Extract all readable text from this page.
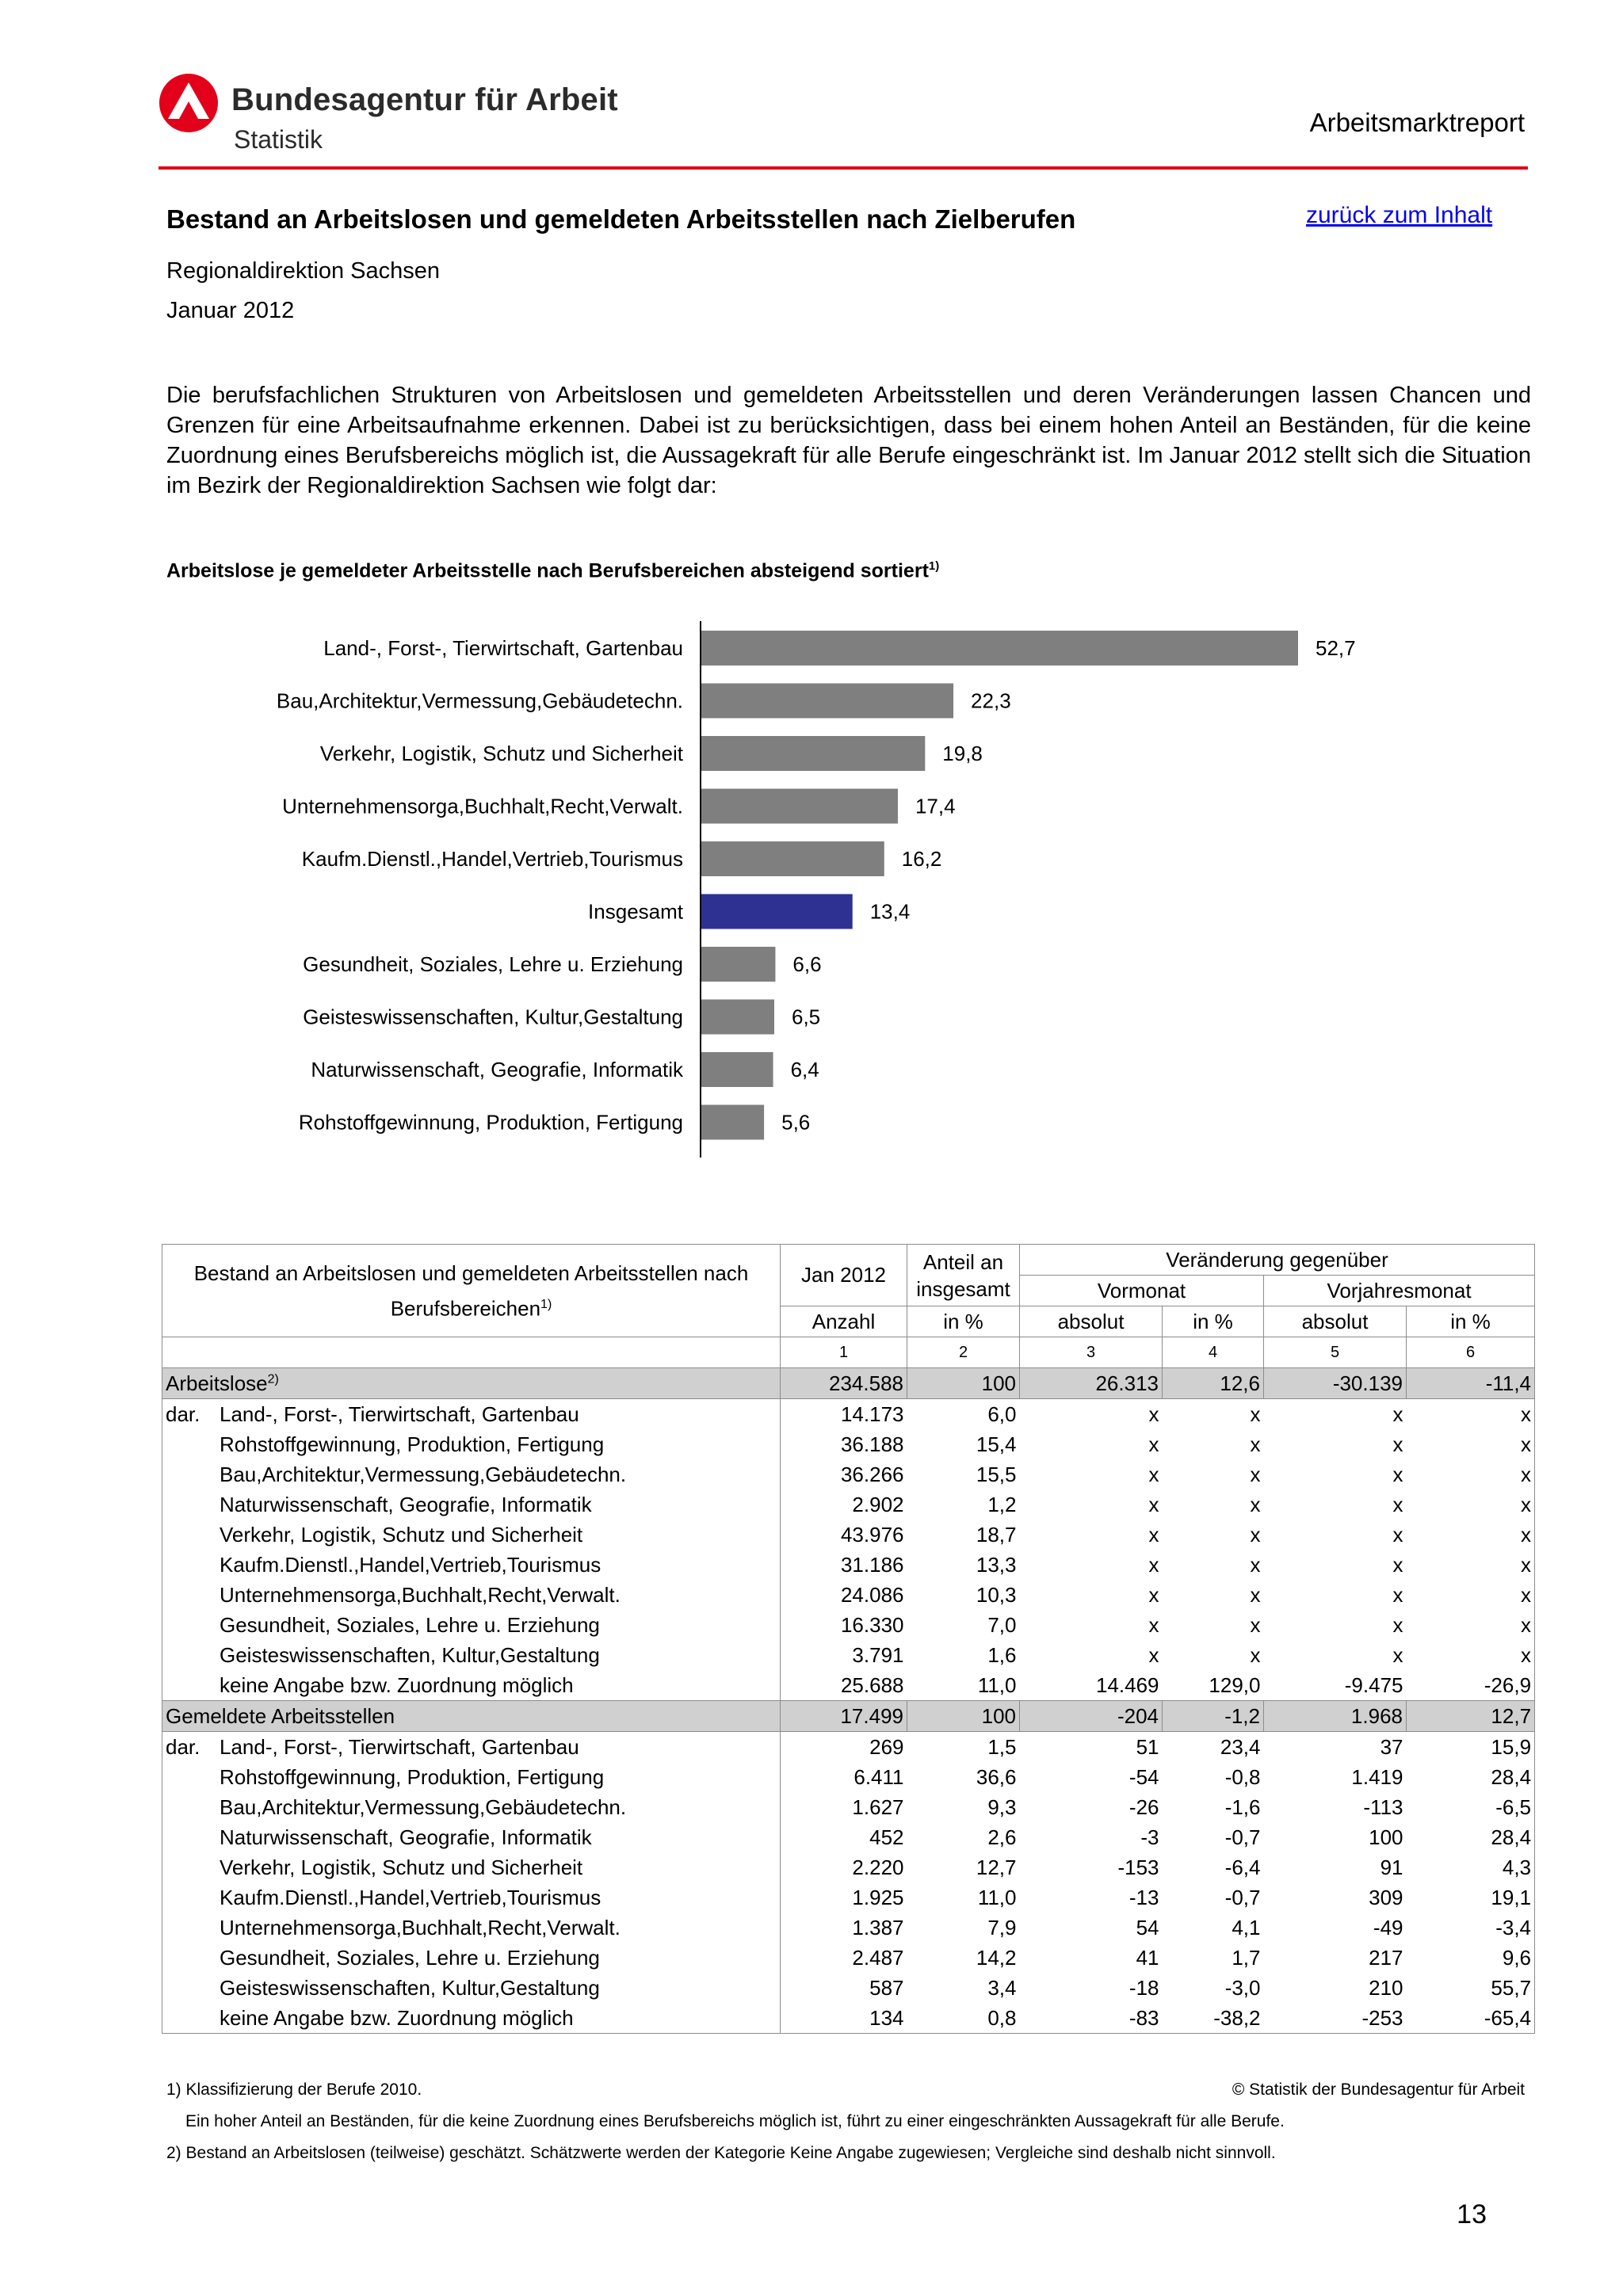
Bundesagentur für Arbeit
Statistik
Arbeitsmarktreport
Bestand an Arbeitslosen und gemeldeten Arbeitsstellen nach Zielberufen	zurück zum Inhalt
Regionaldirektion Sachsen
Januar 2012
Die berufsfachlichen Strukturen von Arbeitslosen und gemeldeten Arbeitsstellen und deren Veränderungen lassen Chancen und Grenzen für eine Arbeitsaufnahme erkennen. Dabei ist zu berücksichtigen, dass bei einem hohen Anteil an Beständen, für die keine Zuordnung eines Berufsbereichs möglich ist, die Aussagekraft für alle Berufe eingeschränkt ist. Im Januar 2012 stellt sich die Situation im Bezirk der Regionaldirektion Sachsen wie folgt dar:
Arbeitslose je gemeldeter Arbeitsstelle nach Berufsbereichen absteigend sortiert$^{1)}$
Land-, Forst-, Tierwirtschaft, Gartenbau	52,7
Bau,Architektur,Vermessung,Gebäudetechn.	22,3
Verkehr, Logistik, Schutz und Sicherheit	19,8
Unternehmensorga,Buchhalt,Recht,Verwalt.	17,4
Kaufm.Dienstl.,Handel,Vertrieb,Tourismus	16,2
Insgesamt	13,4
Gesundheit, Soziales, Lehre u. Erziehung	6,6
Geisteswissenschaften, Kultur,Gestaltung	6,5
Naturwissenschaft, Geografie, Informatik	6,4
Rohstoffgewinnung, Produktion, Fertigung	5,6
Bestand an Arbeitslosen und gemeldeten Arbeitsstellen nach Berufsbereichen$^{1)}$	Jan 2012	Anteil an insgesamt	Veränderung gegenüber			
			Vormonat		Vorjahresmonat	
	Anzahl	in %	absolut	in %	absolut	in %
	1	2	3	4	5	6
Arbeitslose$^{2)}$	234.588	100	26.313	12,6	-30.139	-11,4
dar. Land-, Forst-, Tierwirtschaft, Gartenbau	14.173	6,0	x	x	x	x
Rohstoffgewinnung, Produktion, Fertigung	36.188	15,4	x	x	x	x
Bau,Architektur,Vermessung,Gebäudetechn.	36.266	15,5	x	x	x	x
Naturwissenschaft, Geografie, Informatik	2.902	1,2	x	x	x	x
Verkehr, Logistik, Schutz und Sicherheit	43.976	18,7	x	x	x	x
Kaufm.Dienstl.,Handel,Vertrieb,Tourismus	31.186	13,3	x	x	x	x
Unternehmensorga,Buchhalt,Recht,Verwalt.	24.086	10,3	x	x	x	x
Gesundheit, Soziales, Lehre u. Erziehung	16.330	7,0	x	x	x	x
Geisteswissenschaften, Kultur,Gestaltung	3.791	1,6	x	x	x	x
keine Angabe bzw. Zuordnung möglich	25.688	11,0	14.469	129,0	-9.475	-26,9
Gemeldete Arbeitsstellen	17.499	100	-204	-1,2	1.968	12,7
dar. Land-, Forst-, Tierwirtschaft, Gartenbau	269	1,5	51	23,4	37	15,9
Rohstoffgewinnung, Produktion, Fertigung	6.411	36,6	-54	-0,8	1.419	28,4
Bau,Architektur,Vermessung,Gebäudetechn.	1.627	9,3	-26	-1,6	-113	-6,5
Naturwissenschaft, Geografie, Informatik	452	2,6	-3	-0,7	100	28,4
Verkehr, Logistik, Schutz und Sicherheit	2.220	12,7	-153	-6,4	91	4,3
Kaufm.Dienstl.,Handel,Vertrieb,Tourismus	1.925	11,0	-13	-0,7	309	19,1
Unternehmensorga,Buchhalt,Recht,Verwalt.	1.387	7,9	54	4,1	-49	-3,4
Gesundheit, Soziales, Lehre u. Erziehung	2.487	14,2	41	1,7	217	9,6
Geisteswissenschaften, Kultur,Gestaltung	587	3,4	-18	-3,0	210	55,7
keine Angabe bzw. Zuordnung möglich	134	0,8	-83	-38,2	-253	-65,4
1) Klassifizierung der Berufe 2010.	© Statistik der Bundesagentur für Arbeit
Ein hoher Anteil an Beständen, für die keine Zuordnung eines Berufsbereichs möglich ist, führt zu einer eingeschränkten Aussagekraft für alle Berufe.
2) Bestand an Arbeitslosen (teilweise) geschätzt. Schätzwerte werden der Kategorie Keine Angabe zugewiesen; Vergleiche sind deshalb nicht sinnvoll.
13
